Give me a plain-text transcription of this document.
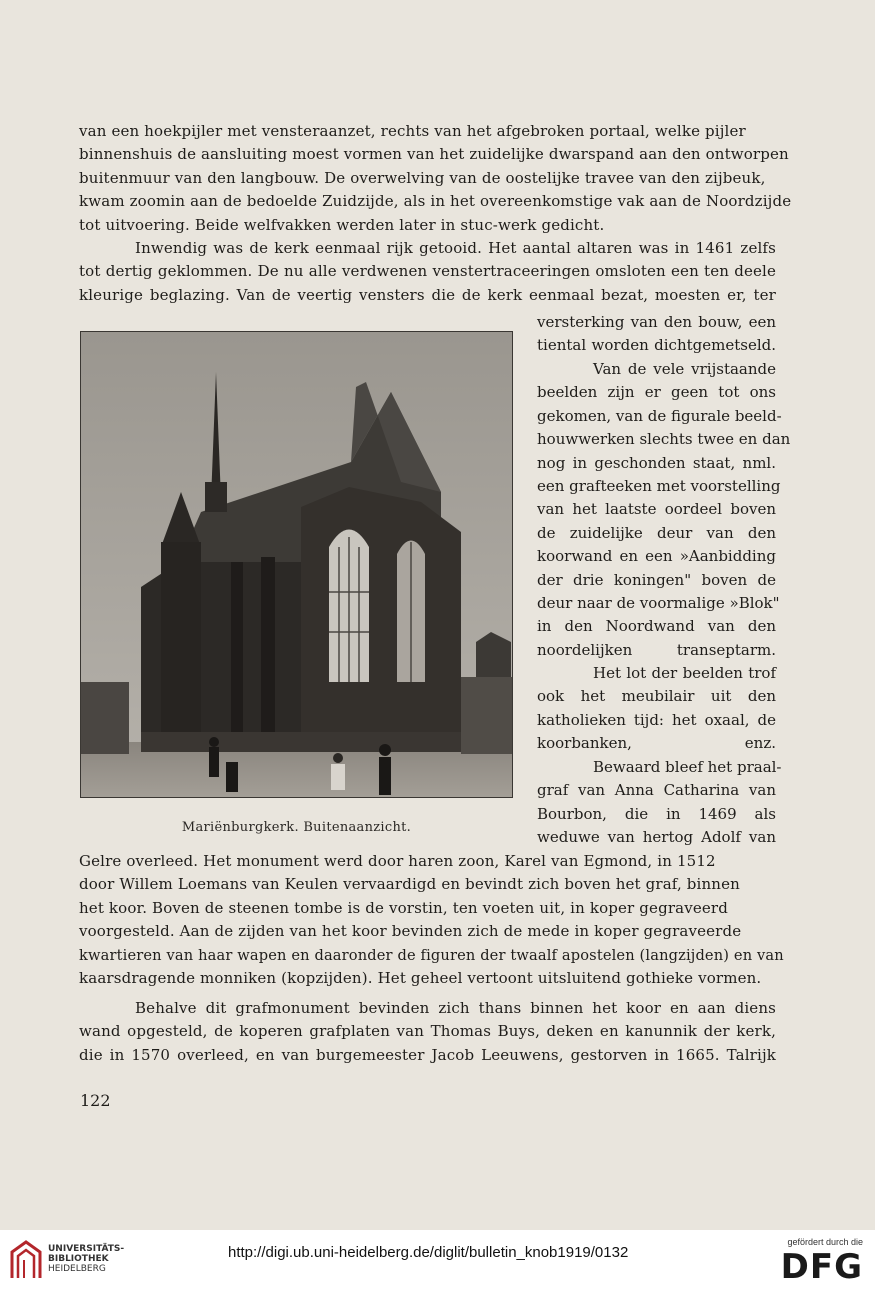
van een hoekpijler met vensteraanzet, rechts van het afgebroken portaal, welke pijler
binnenshuis de aansluiting moest vormen van het zuidelijke dwarspand aan den ontworpen
buitenmuur van den langbouw. De overwelving van de oostelijke travee van den zijbeuk,
kwam zoomin aan de bedoelde Zuidzijde, als in het overeenkomstige vak aan de Noordzijde
tot uitvoering. Beide welfvakken werden later in stuc-werk gedicht.
Inwendig was de kerk eenmaal rijk getooid. Het aantal altaren was in 1461 zelfs
tot dertig geklommen. De nu alle verdwenen venstertraceeringen omsloten een ten deele
kleurige beglazing. Van de veertig vensters die de kerk eenmaal bezat, moesten er, ter
Mariënburgkerk. Buitenaanzicht.
versterking van den bouw, een
tiental worden dichtgemetseld.
Van de vele vrijstaande
beelden zijn er geen tot ons
gekomen, van de figurale beeld-
houwwerken slechts twee en dan
nog in geschonden staat, nml.
een grafteeken met voorstelling
van het laatste oordeel boven
de zuidelijke deur van den
koorwand en een »Aanbidding
der drie koningen" boven de
deur naar de voormalige »Blok"
in den Noordwand van den
noordelijken transeptarm.
Het lot der beelden trof
ook het meubilair uit den
katholieken tijd: het oxaal, de
koorbanken, enz.
Bewaard bleef het praal-
graf van Anna Catharina van
Bourbon, die in 1469 als
weduwe van hertog Adolf van
Gelre overleed. Het monument werd door haren zoon, Karel van Egmond, in 1512
door Willem Loemans van Keulen vervaardigd en bevindt zich boven het graf, binnen
het koor. Boven de steenen tombe is de vorstin, ten voeten uit, in koper gegraveerd
voorgesteld. Aan de zijden van het koor bevinden zich de mede in koper gegraveerde
kwartieren van haar wapen en daaronder de figuren der twaalf apostelen (langzijden) en van
kaarsdragende monniken (kopzijden). Het geheel vertoont uitsluitend gothieke vormen.
Behalve dit grafmonument bevinden zich thans binnen het koor en aan diens
wand opgesteld, de koperen grafplaten van Thomas Buys, deken en kanunnik der kerk,
die in 1570 overleed, en van burgemeester Jacob Leeuwens, gestorven in 1665. Talrijk
122
UNIVERSITÄTS-
BIBLIOTHEK
HEIDELBERG
http://digi.ub.uni-heidelberg.de/diglit/bulletin_knob1919/0132
gefördert durch die
DFG
